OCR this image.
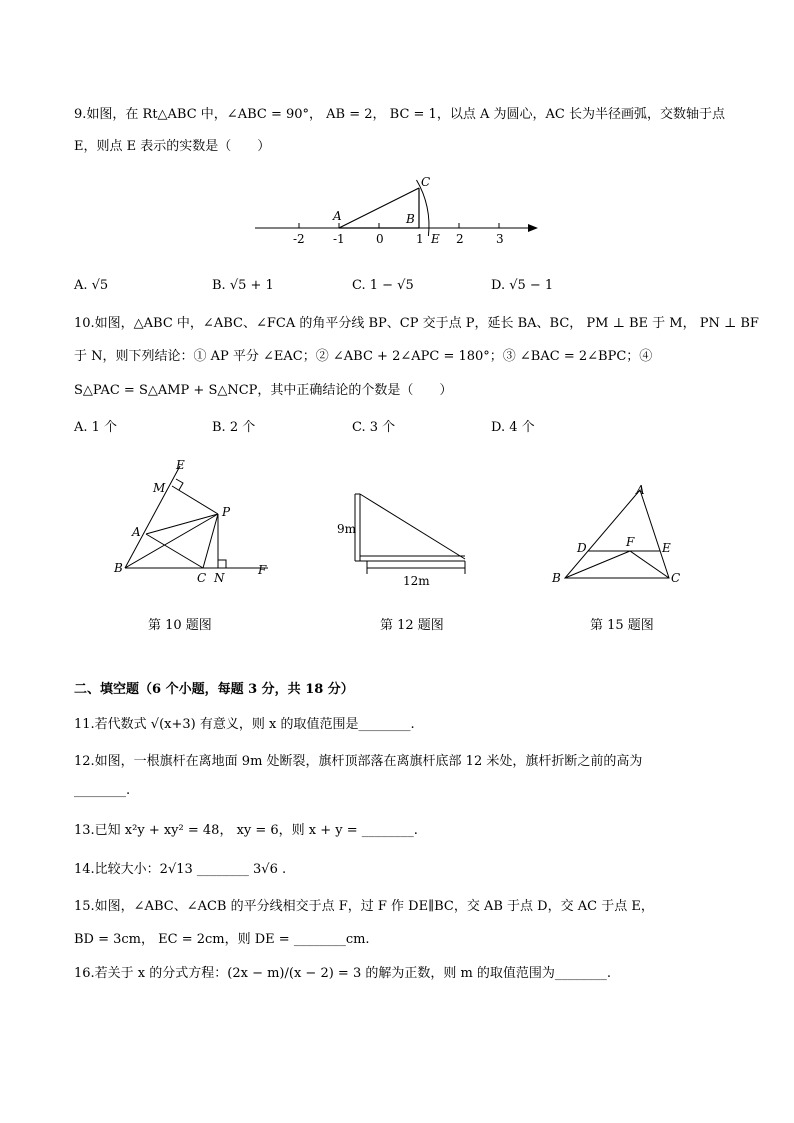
9.如图，在 Rt△ABC 中，∠ABC = 90°， AB = 2， BC = 1，以点 A 为圆心，AC 长为半径画弧，交数轴于点
E，则点 E 表示的实数是（　　）
-2 -1	0	1	2	3
A	B
C
E
A. √5	B. √5 + 1	C. 1 − √5	D. √5 − 1
10.如图，△ABC 中，∠ABC、∠FCA 的角平分线 BP、CP 交于点 P，延长 BA、BC， PM ⊥ BE 于 M， PN ⊥ BF
于 N，则下列结论：① AP 平分 ∠EAC；② ∠ABC + 2∠APC = 180°；③ ∠BAC = 2∠BPC；④
S△PAC = S△AMP + S△NCP，其中正确结论的个数是（　　）
A. 1 个	B. 2 个	C. 3 个	D. 4 个
E
M
P
A
B
C N
F
9m
12m
A
D	F E
B	C
第 10 题图	第 12 题图	第 15 题图
二、填空题（6 个小题，每题 3 分，共 18 分）
11.若代数式 √(x+3) 有意义，则 x 的取值范围是________.
12.如图，一根旗杆在离地面 9m 处断裂，旗杆顶部落在离旗杆底部 12 米处，旗杆折断之前的高为
________.
13.已知 x²y + xy² = 48， xy = 6，则 x + y = ________.
14.比较大小：2√13 ________ 3√6 .
15.如图，∠ABC、∠ACB 的平分线相交于点 F，过 F 作 DE∥BC，交 AB 于点 D，交 AC 于点 E，
BD = 3cm， EC = 2cm，则 DE = ________cm.
16.若关于 x 的分式方程：(2x − m)/(x − 2) = 3 的解为正数，则 m 的取值范围为________.
